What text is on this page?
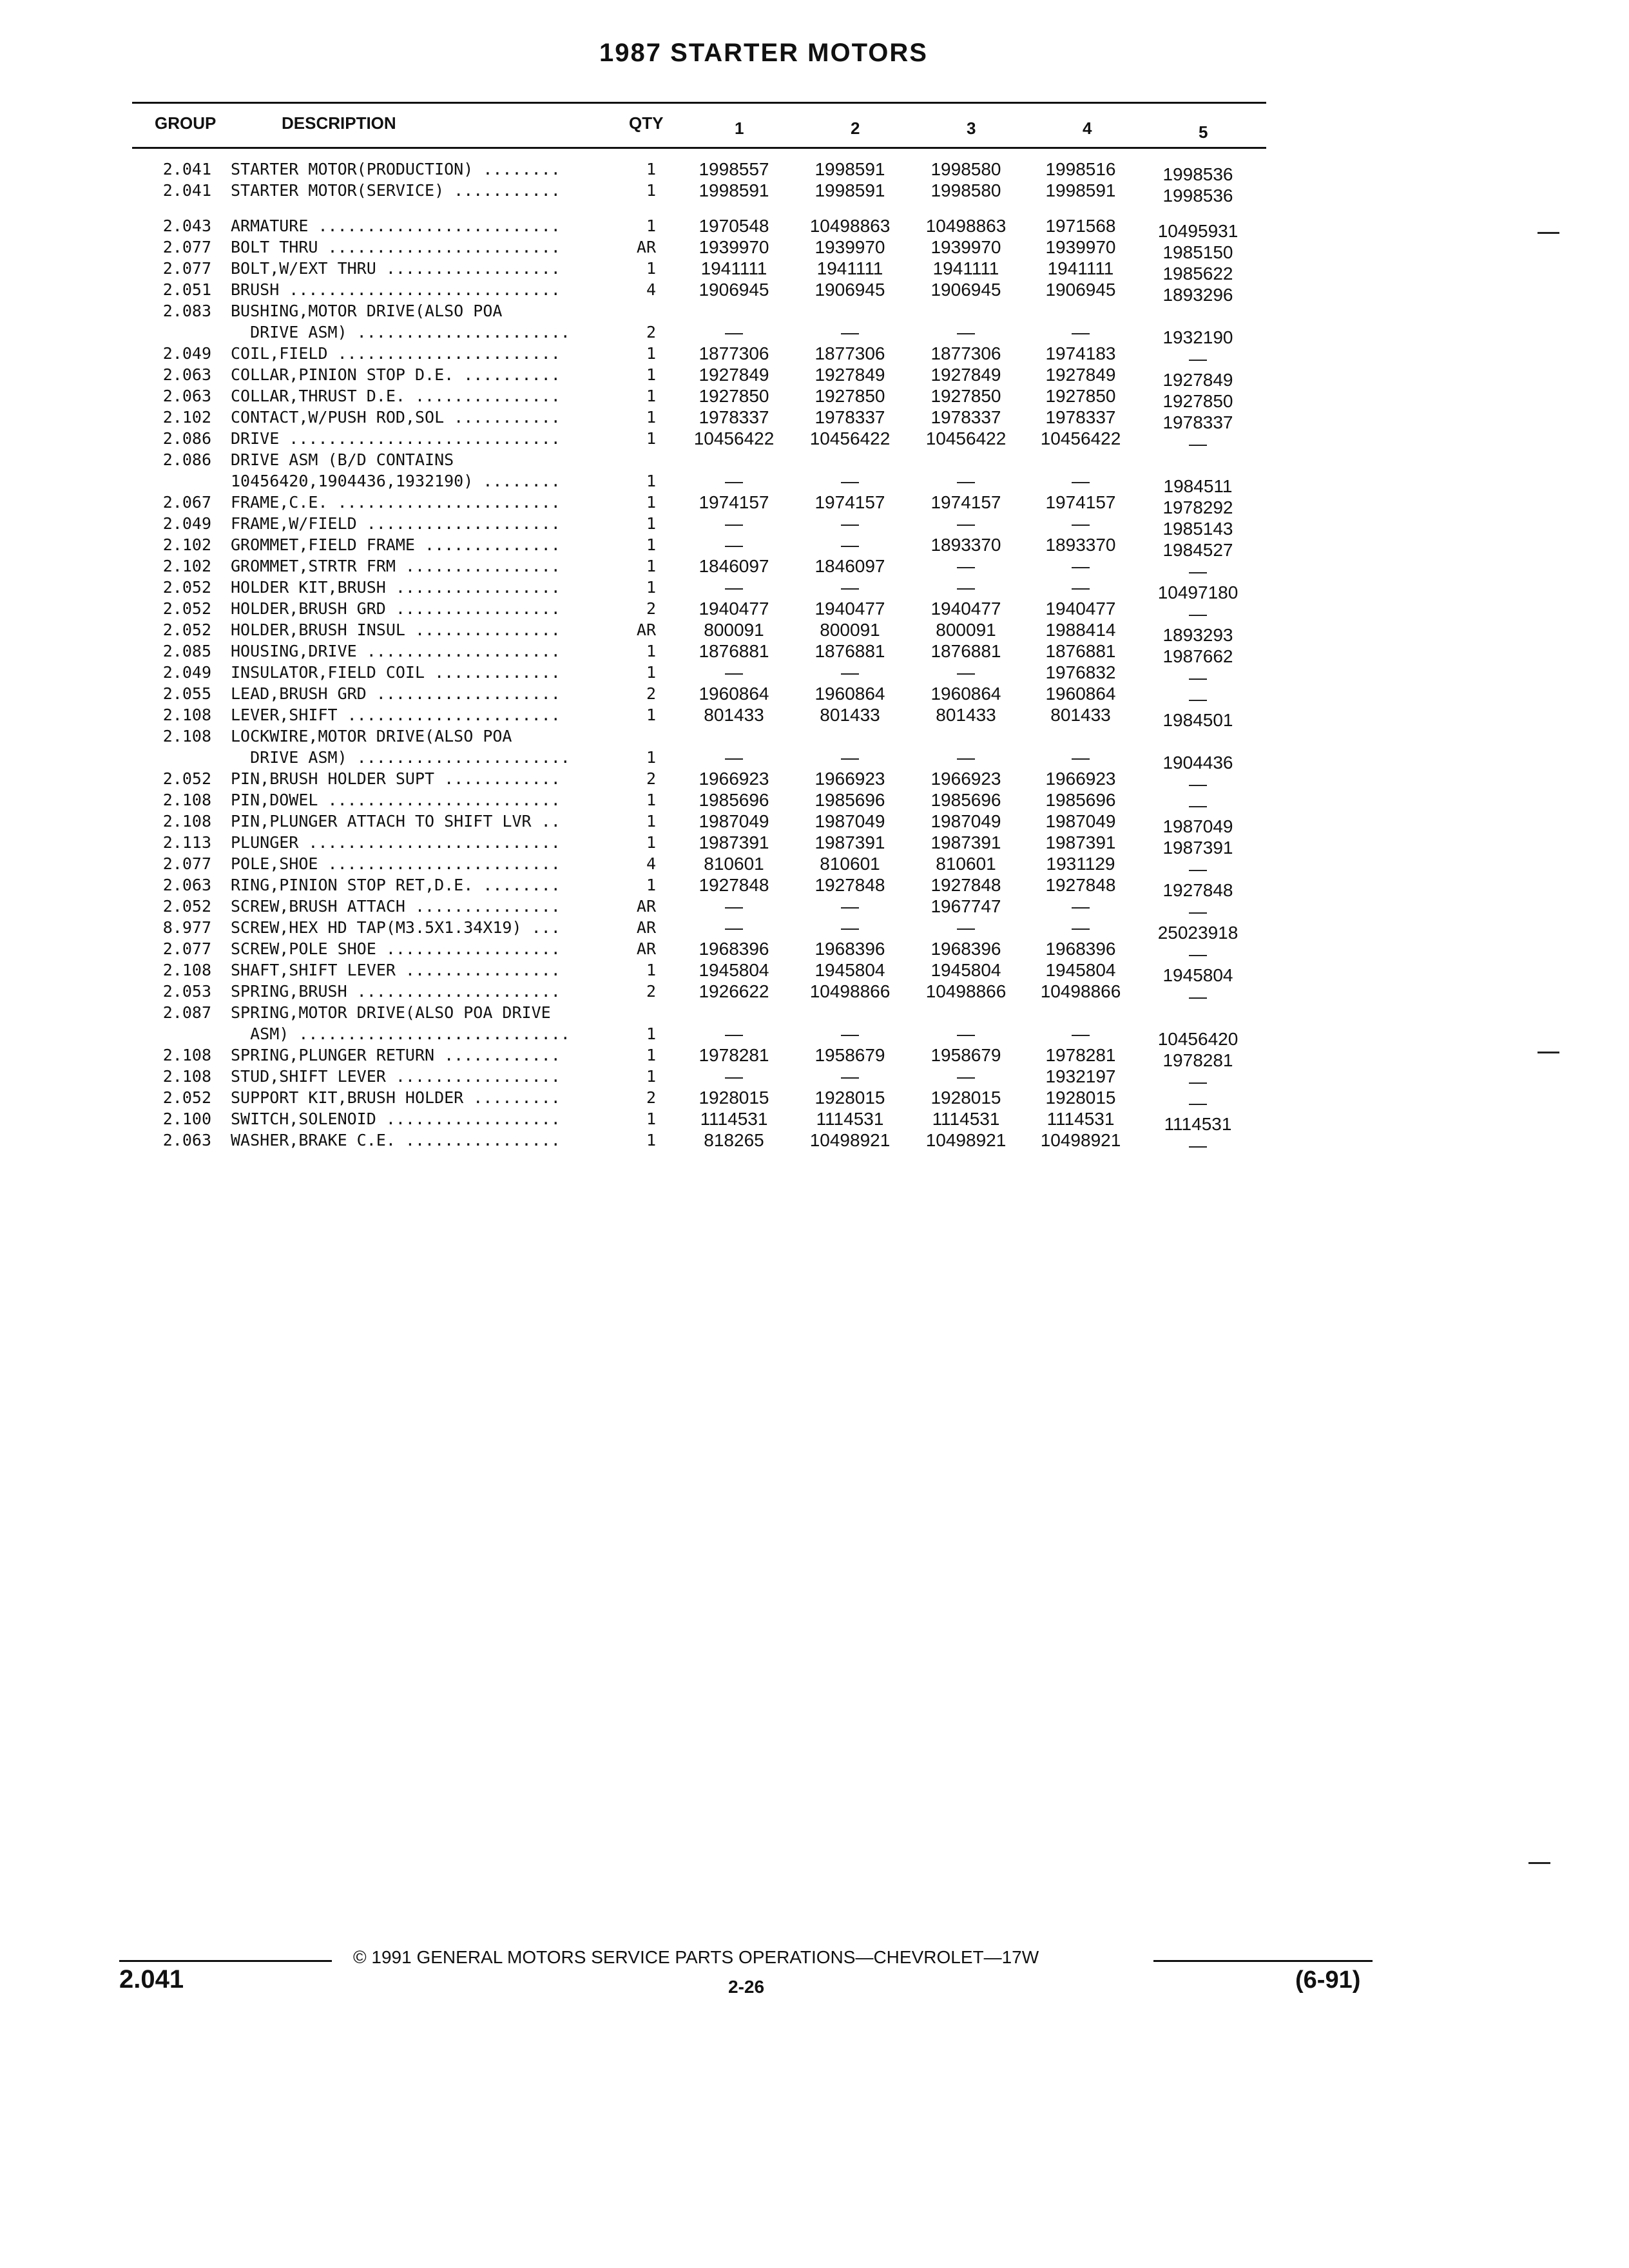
1987 STARTER MOTORS
GROUP	DESCRIPTION	QTY	1	2	3	4	5
2.041 STARTER MOTOR(PRODUCTION) ........	1	1998557	1998591	1998580	1998516	1998536
2.041 STARTER MOTOR(SERVICE) ...........	1	1998591	1998591	1998580	1998591	1998536
2.043 ARMATURE .........................	1	1970548	10498863	10498863	1971568	10495931
2.077 BOLT THRU ........................	AR	1939970	1939970	1939970	1939970	1985150
2.077 BOLT,W/EXT THRU ..................	1	1941111	1941111	1941111	1941111	1985622
2.051 BRUSH ............................	4	1906945	1906945	1906945	1906945	1893296
2.083 BUSHING,MOTOR DRIVE(ALSO POA
DRIVE ASM) ......................	2	—	—	—	—	1932190
2.049 COIL,FIELD .......................	1	1877306	1877306	1877306	1974183	—
2.063 COLLAR,PINION STOP D.E. ..........	1	1927849	1927849	1927849	1927849	1927849
2.063 COLLAR,THRUST D.E. ...............	1	1927850	1927850	1927850	1927850	1927850
2.102 CONTACT,W/PUSH ROD,SOL ...........	1	1978337	1978337	1978337	1978337	1978337
2.086 DRIVE ............................	1	10456422	10456422	10456422	10456422	—
2.086 DRIVE ASM (B/D CONTAINS
10456420,1904436,1932190) ........	1	—	—	—	—	1984511
2.067 FRAME,C.E. .......................	1	1974157	1974157	1974157	1974157	1978292
2.049 FRAME,W/FIELD ....................	1	—	—	—	—	1985143
2.102 GROMMET,FIELD FRAME ..............	1	—	—	1893370	1893370	1984527
2.102 GROMMET,STRTR FRM ................	1	1846097	1846097	—	—	—
2.052 HOLDER KIT,BRUSH .................	1	—	—	—	—	10497180
2.052 HOLDER,BRUSH GRD .................	2	1940477	1940477	1940477	1940477	—
2.052 HOLDER,BRUSH INSUL ...............	AR	800091	800091	800091	1988414	1893293
2.085 HOUSING,DRIVE ....................	1	1876881	1876881	1876881	1876881	1987662
2.049 INSULATOR,FIELD COIL .............	1	—	—	—	1976832	—
2.055 LEAD,BRUSH GRD ...................	2	1960864	1960864	1960864	1960864	—
2.108 LEVER,SHIFT ......................	1	801433	801433	801433	801433	1984501
2.108 LOCKWIRE,MOTOR DRIVE(ALSO POA
DRIVE ASM) ......................	1	—	—	—	—	1904436
2.052 PIN,BRUSH HOLDER SUPT ............	2	1966923	1966923	1966923	1966923	—
2.108 PIN,DOWEL ........................	1	1985696	1985696	1985696	1985696	—
2.108 PIN,PLUNGER ATTACH TO SHIFT LVR ..	1	1987049	1987049	1987049	1987049	1987049
2.113 PLUNGER ..........................	1	1987391	1987391	1987391	1987391	1987391
2.077 POLE,SHOE ........................	4	810601	810601	810601	1931129	—
2.063 RING,PINION STOP RET,D.E. ........	1	1927848	1927848	1927848	1927848	1927848
2.052 SCREW,BRUSH ATTACH ...............	AR	—	—	1967747	—	—
8.977 SCREW,HEX HD TAP(M3.5X1.34X19) ...	AR	—	—	—	—	25023918
2.077 SCREW,POLE SHOE ..................	AR	1968396	1968396	1968396	1968396	—
2.108 SHAFT,SHIFT LEVER ................	1	1945804	1945804	1945804	1945804	1945804
2.053 SPRING,BRUSH .....................	2	1926622	10498866	10498866	10498866	—
2.087 SPRING,MOTOR DRIVE(ALSO POA DRIVE
ASM) ............................	1	—	—	—	—	10456420
2.108 SPRING,PLUNGER RETURN ............	1	1978281	1958679	1958679	1978281	1978281
2.108 STUD,SHIFT LEVER .................	1	—	—	—	1932197	—
2.052 SUPPORT KIT,BRUSH HOLDER .........	2	1928015	1928015	1928015	1928015	—
2.100 SWITCH,SOLENOID ..................	1	1114531	1114531	1114531	1114531	1114531
2.063 WASHER,BRAKE C.E. ................	1	818265	10498921	10498921	10498921	—
© 1991 GENERAL MOTORS SERVICE PARTS OPERATIONS—CHEVROLET—17W
2.041	2-26	(6-91)
